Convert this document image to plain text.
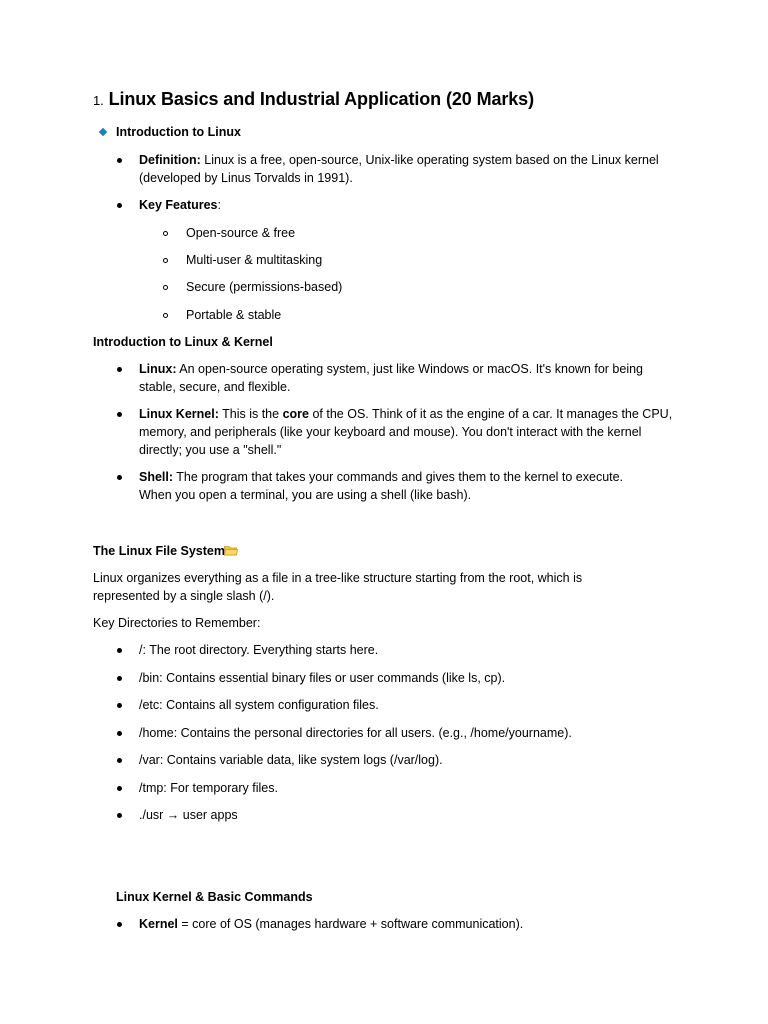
1. Linux Basics and Industrial Application (20 Marks)
Introduction to Linux
Definition: Linux is a free, open-source, Unix-like operating system based on the Linux kernel
(developed by Linus Torvalds in 1991).
Key Features:
Open-source & free
Multi-user & multitasking
Secure (permissions-based)
Portable & stable
Introduction to Linux & Kernel
Linux: An open-source operating system, just like Windows or macOS. It's known for being
stable, secure, and flexible.
Linux Kernel: This is the core of the OS. Think of it as the engine of a car. It manages the CPU,
memory, and peripherals (like your keyboard and mouse). You don't interact with the kernel
directly; you use a "shell."
Shell: The program that takes your commands and gives them to the kernel to execute.
When you open a terminal, you are using a shell (like bash).
The Linux File System
Linux organizes everything as a file in a tree-like structure starting from the root, which is
represented by a single slash (/).
Key Directories to Remember:
/: The root directory. Everything starts here.
/bin: Contains essential binary files or user commands (like ls, cp).
/etc: Contains all system configuration files.
/home: Contains the personal directories for all users. (e.g., /home/yourname).
/var: Contains variable data, like system logs (/var/log).
/tmp: For temporary files.
./usr → user apps
Linux Kernel & Basic Commands
Kernel = core of OS (manages hardware + software communication).
